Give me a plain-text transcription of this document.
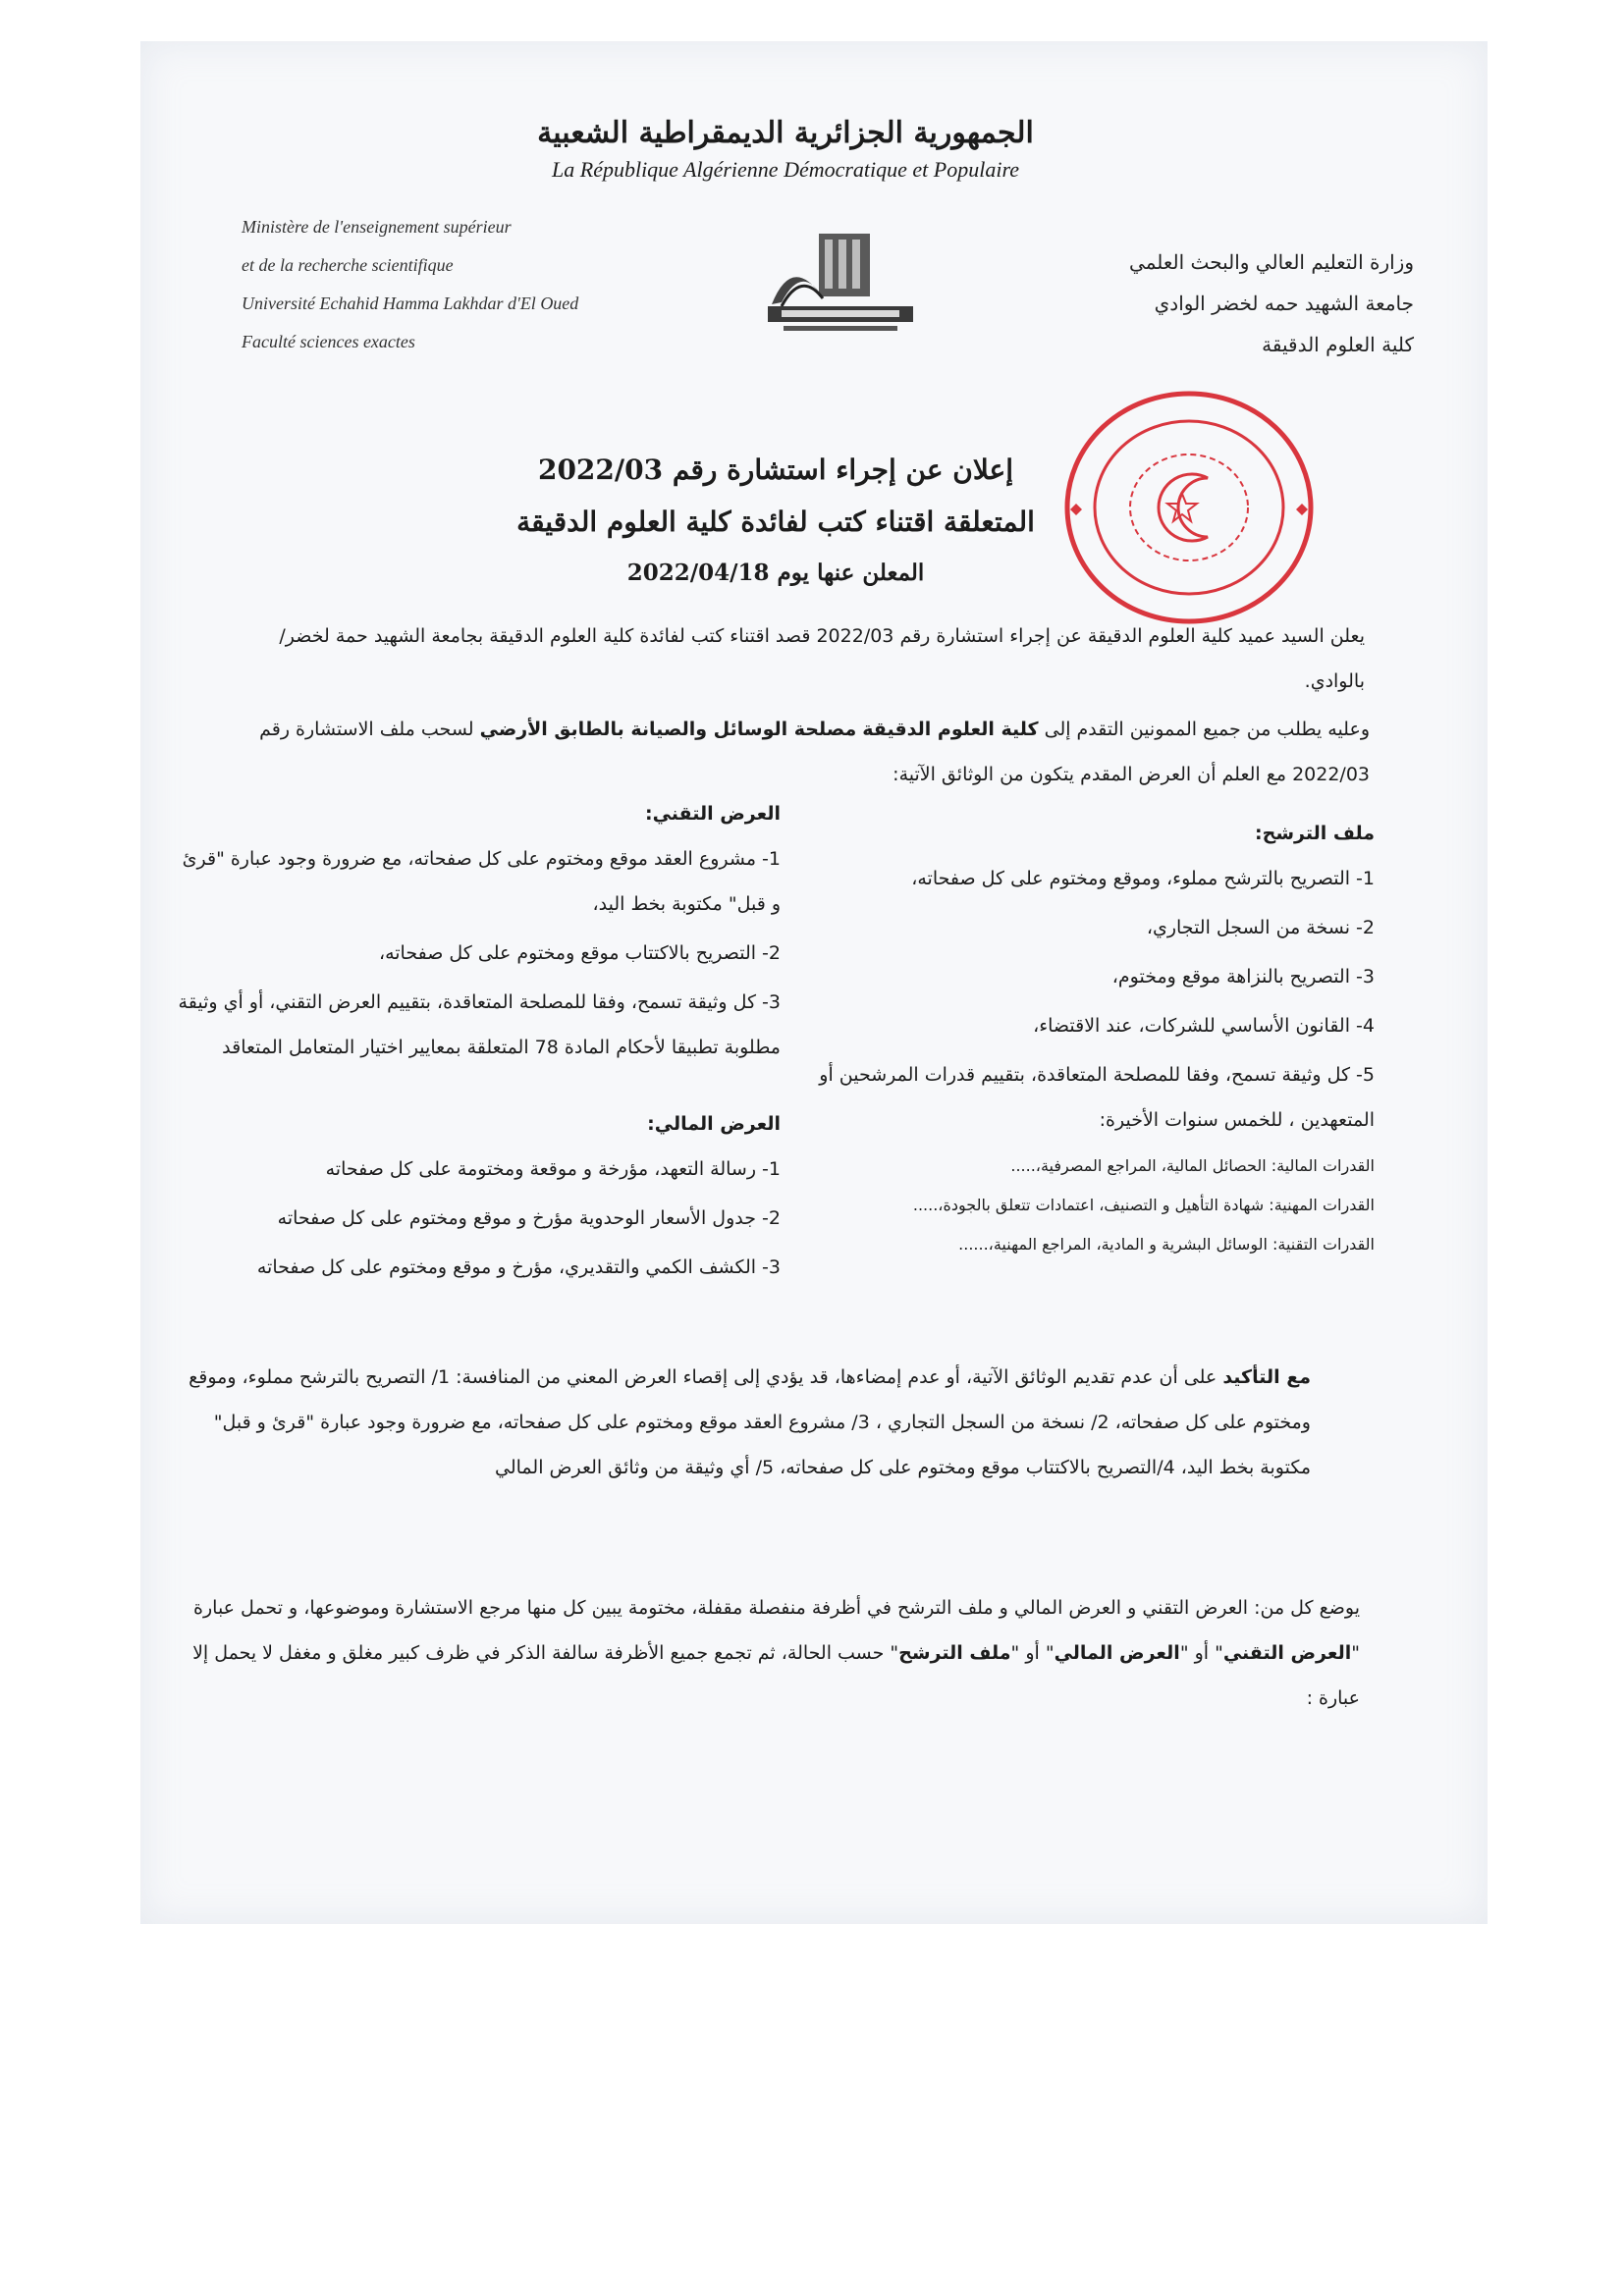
الجمهورية الجزائرية الديمقراطية الشعبية
La République Algérienne Démocratique et Populaire
Ministère de l'enseignement supérieur
et de la recherche scientifique
Université Echahid Hamma Lakhdar d'El Oued
Faculté sciences exactes
وزارة التعليم العالي والبحث العلمي
جامعة الشهيد حمه لخضر الوادي
كلية العلوم الدقيقة
إعلان عن إجراء استشارة رقم 2022/03
المتعلقة اقتناء كتب لفائدة كلية العلوم الدقيقة
المعلن عنها يوم 2022/04/18
يعلن السيد عميد كلية العلوم الدقيقة عن إجراء استشارة رقم 2022/03 قصد اقتناء كتب لفائدة كلية العلوم الدقيقة بجامعة الشهيد حمة لخضر/ بالوادي.
وعليه يطلب من جميع الممونين التقدم إلى كلية العلوم الدقيقة مصلحة الوسائل والصيانة بالطابق الأرضي لسحب ملف الاستشارة رقم 2022/03 مع العلم أن العرض المقدم يتكون من الوثائق الآتية:
ملف الترشح:
1- التصريح بالترشح مملوء، وموقع ومختوم على كل صفحاته،
2- نسخة من السجل التجاري،
3- التصريح بالنزاهة موقع ومختوم،
4- القانون الأساسي للشركات، عند الاقتضاء،
5- كل وثيقة تسمح، وفقا للمصلحة المتعاقدة، بتقييم قدرات المرشحين أو المتعهدين ، للخمس سنوات الأخيرة:
القدرات المالية: الحصائل المالية، المراجع المصرفية،.....
القدرات المهنية: شهادة التأهيل و التصنيف، اعتمادات تتعلق بالجودة،.....
القدرات التقنية: الوسائل البشرية و المادية، المراجع المهنية،......
العرض التقني:
1- مشروع العقد موقع ومختوم على كل صفحاته، مع ضرورة وجود عبارة "قرئ و قبل" مكتوبة بخط اليد،
2- التصريح بالاكتتاب موقع ومختوم على كل صفحاته،
3- كل وثيقة تسمح، وفقا للمصلحة المتعاقدة، بتقييم العرض التقني، أو أي وثيقة مطلوبة تطبيقا لأحكام المادة 78 المتعلقة بمعايير اختيار المتعامل المتعاقد
العرض المالي:
1- رسالة التعهد، مؤرخة و موقعة ومختومة على كل صفحاته
2- جدول الأسعار الوحدوية مؤرخ و موقع ومختوم على كل صفحاته
3- الكشف الكمي والتقديري، مؤرخ و موقع ومختوم على كل صفحاته
مع التأكيد على أن عدم تقديم الوثائق الآتية، أو عدم إمضاءها، قد يؤدي إلى إقصاء العرض المعني من المنافسة: 1/ التصريح بالترشح مملوء، وموقع ومختوم على كل صفحاته، 2/ نسخة من السجل التجاري ، 3/ مشروع العقد موقع ومختوم على كل صفحاته، مع ضرورة وجود عبارة "قرئ و قبل" مكتوبة بخط اليد، 4/التصريح بالاكتتاب موقع ومختوم على كل صفحاته، 5/ أي وثيقة من وثائق العرض المالي
يوضع كل من: العرض التقني و العرض المالي و ملف الترشح في أظرفة منفصلة مقفلة، مختومة يبين كل منها مرجع الاستشارة وموضوعها، و تحمل عبارة "العرض التقني" أو "العرض المالي" أو "ملف الترشح" حسب الحالة، ثم تجمع جميع الأظرفة سالفة الذكر في ظرف كبير مغلق و مغفل لا يحمل إلا عبارة :
